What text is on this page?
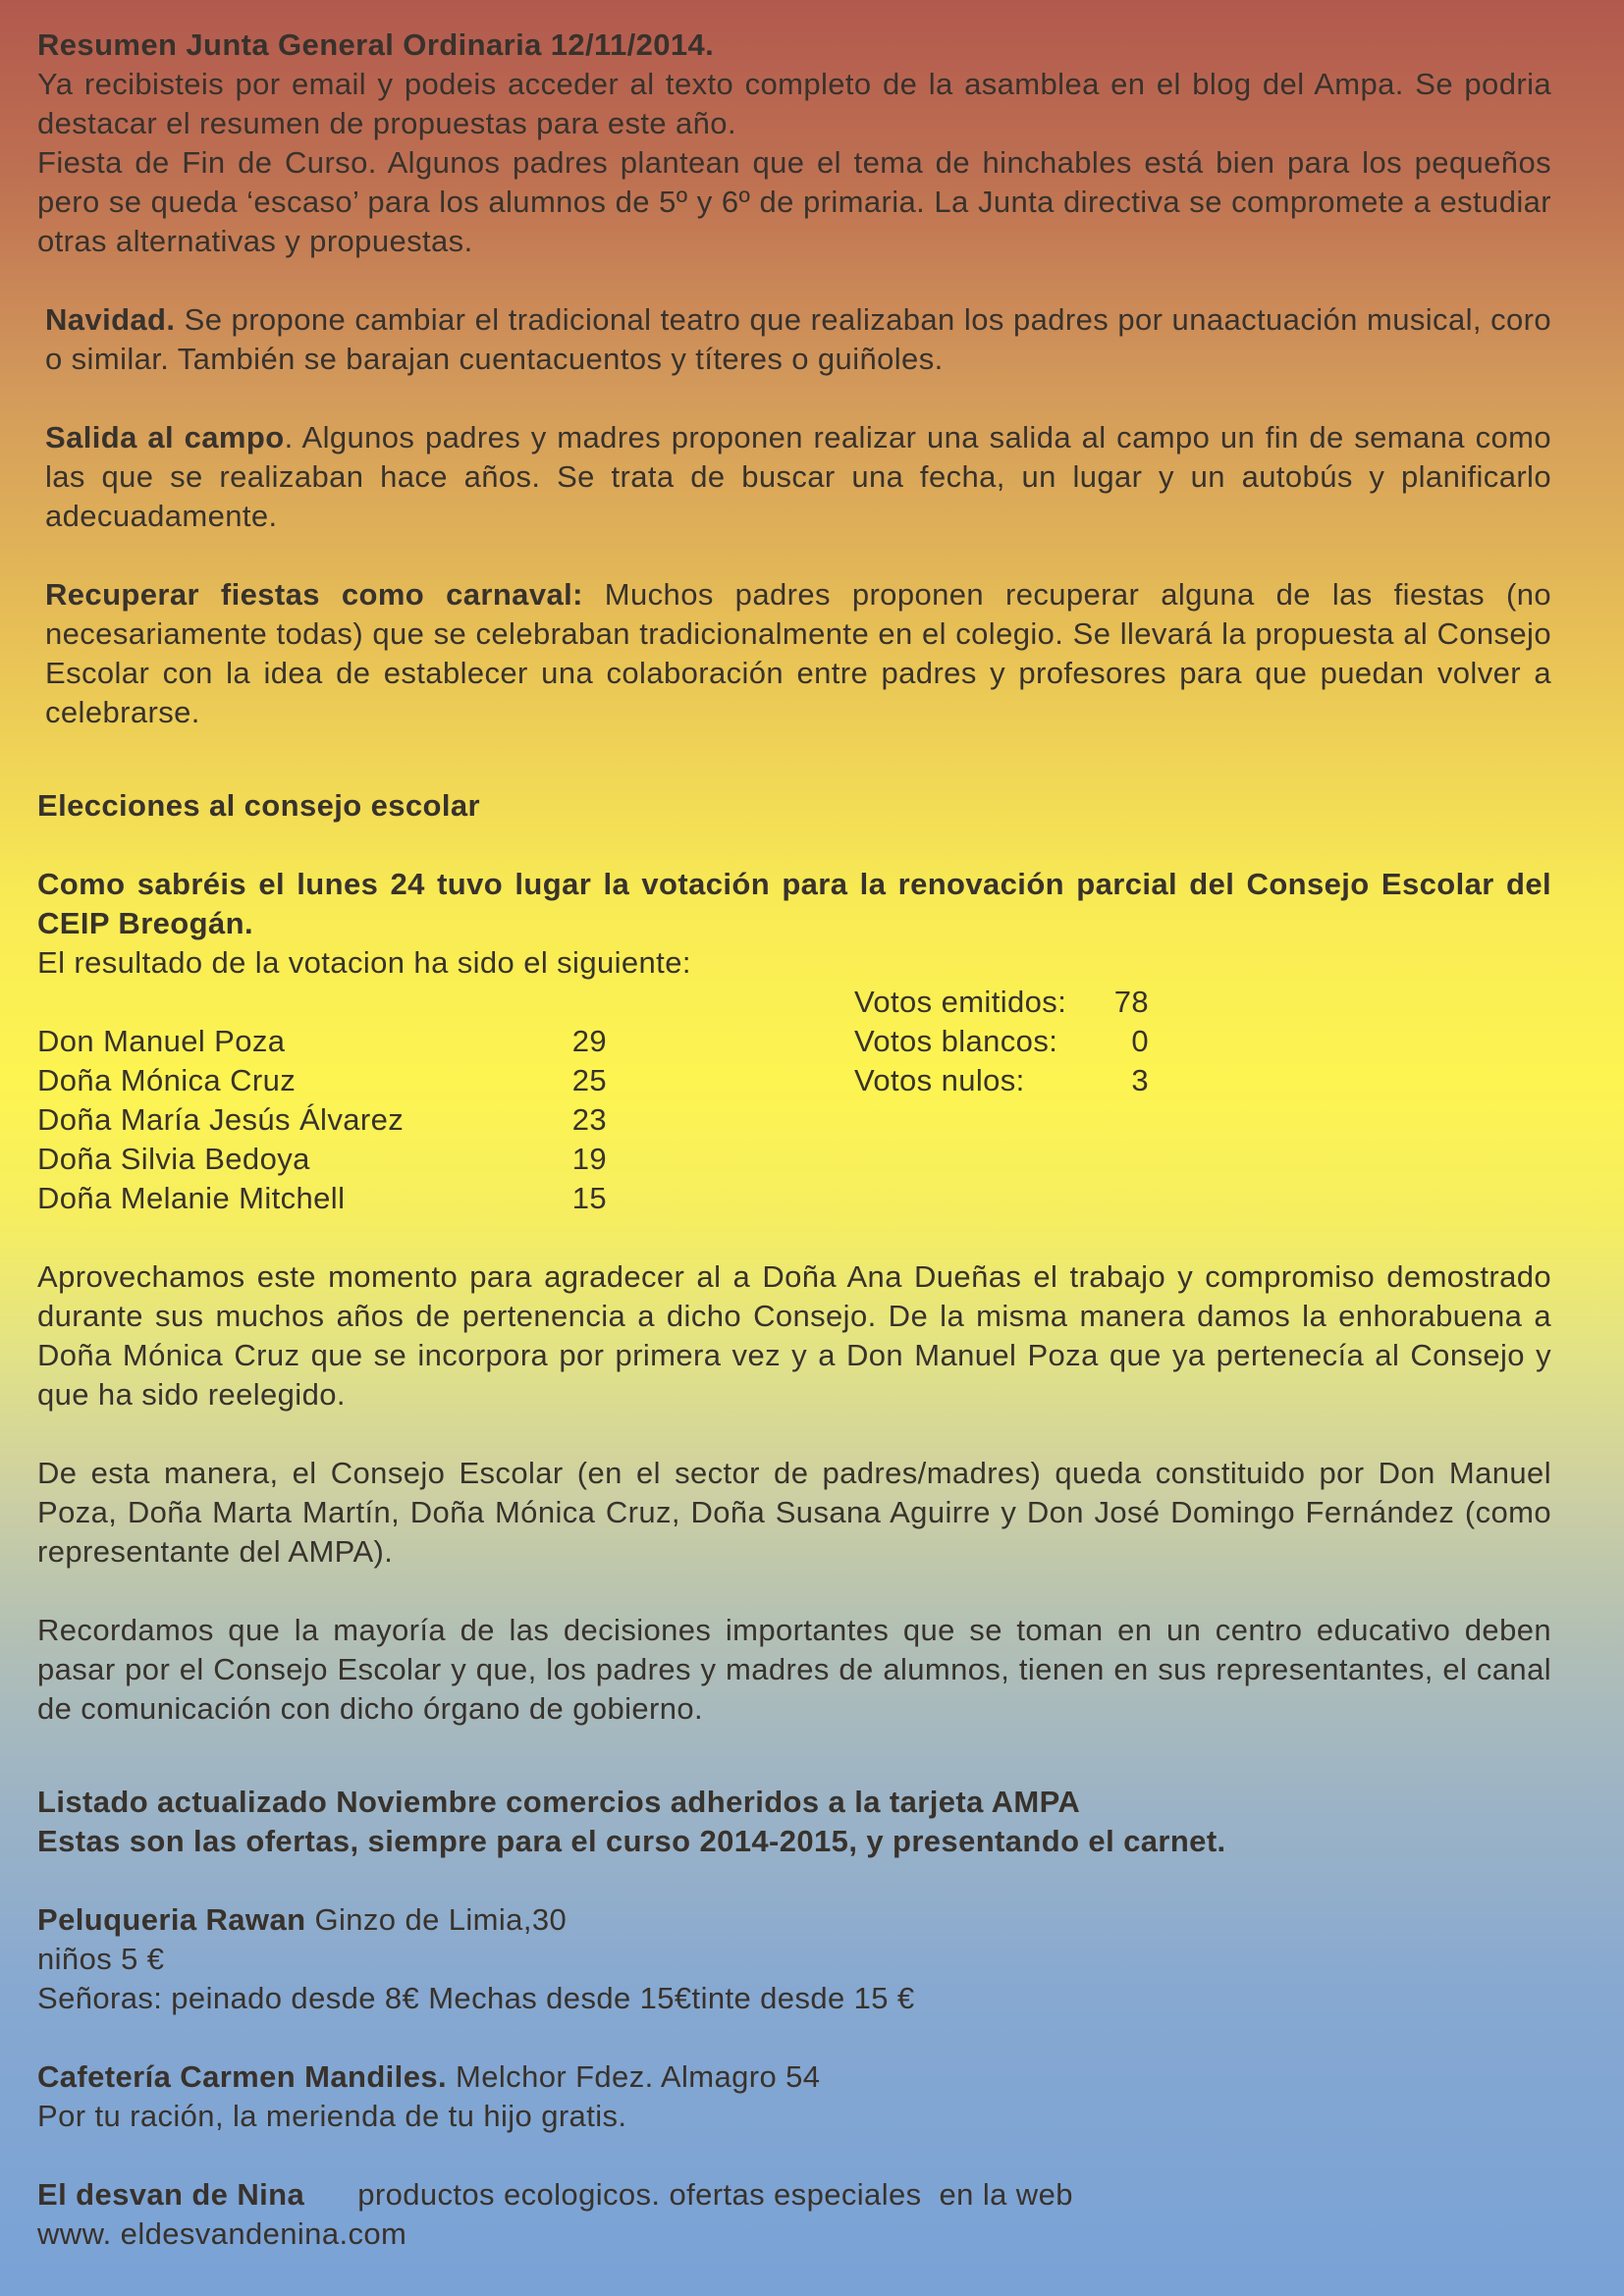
Resumen Junta General Ordinaria 12/11/2014.

Ya recibisteis por email y podeis acceder al texto completo de la asamblea en el blog del Ampa. Se podria destacar el resumen de propuestas para este año.

Fiesta de Fin de Curso. Algunos padres plantean que el tema de hinchables está bien para los pequeños pero se queda ‘escaso’ para los alumnos de 5º y 6º de primaria. La Junta directiva se compromete a estudiar otras alternativas y propuestas.

Navidad. Se propone cambiar el tradicional teatro que realizaban los padres por unaactuación musical, coro o similar. También se barajan cuentacuentos y títeres o guiñoles.

Salida al campo. Algunos padres y madres proponen realizar una salida al campo un fin de semana como las que se realizaban hace años. Se trata de buscar una fecha, un lugar y un autobús y planificarlo adecuadamente.

Recuperar fiestas como carnaval: Muchos padres proponen recuperar alguna de las fiestas (no necesariamente todas) que se celebraban tradicionalmente en el colegio. Se llevará la propuesta al Consejo Escolar con la idea de establecer una colaboración entre padres y profesores para que puedan volver a celebrarse.

Elecciones al consejo escolar

Como sabréis el lunes 24 tuvo lugar la votación para la renovación parcial del Consejo Escolar del CEIP Breogán.

El resultado de la votacion ha sido el siguiente:

Votos emitidos:	78
Votos blancos:	0
Votos nulos:	3
Don Manuel Poza	29
Doña Mónica Cruz	25
Doña María Jesús Álvarez	23
Doña Silvia Bedoya	19
Doña Melanie Mitchell	15

Aprovechamos este momento para agradecer al a Doña Ana Dueñas el trabajo y compromiso demostrado durante sus muchos años de pertenencia a dicho Consejo. De la misma manera damos la enhorabuena a Doña Mónica Cruz que se incorpora por primera vez y a Don Manuel Poza que ya pertenecía al Consejo y que ha sido reelegido.

De esta manera, el Consejo Escolar (en el sector de padres/madres) queda constituido por Don Manuel Poza, Doña Marta Martín, Doña Mónica Cruz, Doña Susana Aguirre y Don José Domingo Fernández (como representante del AMPA).

Recordamos que la mayoría de las decisiones importantes que se toman en un centro educativo deben pasar por el Consejo Escolar y que, los padres y madres de alumnos, tienen en sus representantes, el canal de comunicación con dicho órgano de gobierno.

Listado actualizado Noviembre comercios adheridos a la tarjeta AMPA

Estas son las ofertas, siempre para el curso 2014-2015, y presentando el carnet.

Peluqueria Rawan Ginzo de Limia,30

niños 5 €

Señoras: peinado desde 8€ Mechas desde 15€tinte desde 15 €

Cafetería Carmen Mandiles. Melchor Fdez. Almagro 54

Por tu ración, la merienda de tu hijo gratis.

El desvan de Nina      productos ecologicos. ofertas especiales  en la web

www. eldesvandenina.com
